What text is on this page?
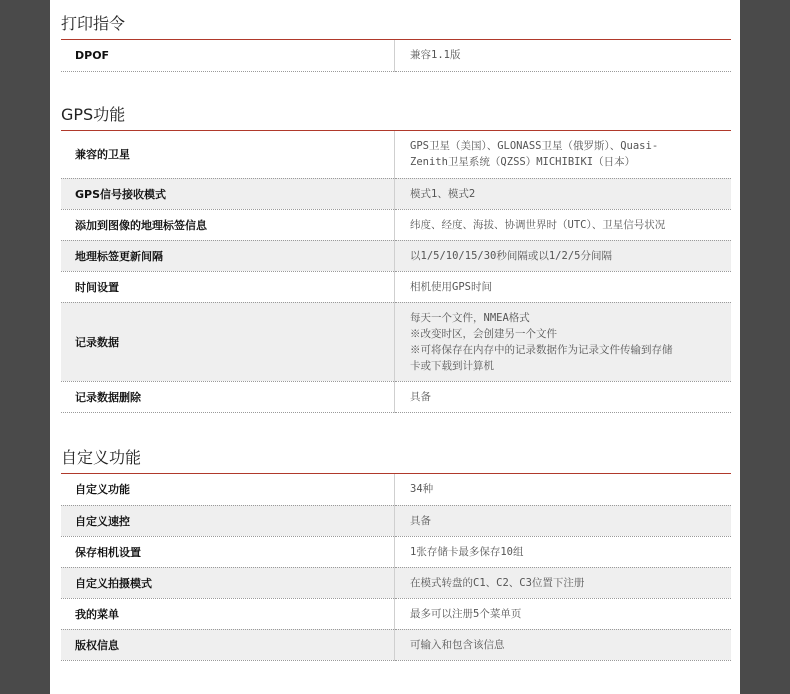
打印指令
DPOF	兼容1.1版
GPS功能
兼容的卫星	GPS卫星（美国）、GLONASS卫星（俄罗斯）、Quasi-
Zenith卫星系统（QZSS）MICHIBIKI（日本）
GPS信号接收模式	模式1、模式2
添加到图像的地理标签信息	纬度、经度、海拔、协调世界时（UTC）、卫星信号状况
地理标签更新间隔	以1/5/10/15/30秒间隔或以1/2/5分间隔
时间设置	相机使用GPS时间
记录数据	每天一个文件，NMEA格式
※改变时区，会创建另一个文件
※可将保存在内存中的记录数据作为记录文件传输到存储
卡或下载到计算机
记录数据删除	具备
自定义功能
自定义功能	34种
自定义速控	具备
保存相机设置	1张存储卡最多保存10组
自定义拍摄模式	在模式转盘的C1、C2、C3位置下注册
我的菜单	最多可以注册5个菜单页
版权信息	可输入和包含该信息
